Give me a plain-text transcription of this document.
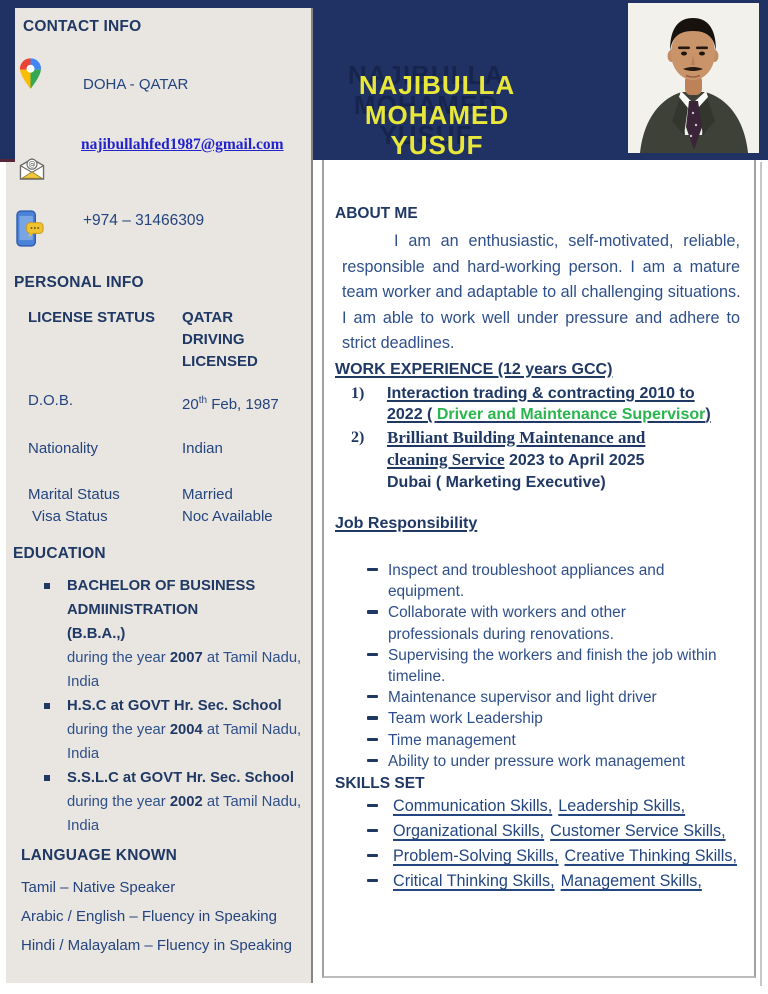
NAJIBULLA
MOHAMED YUSUF
CONTACT INFO
DOHA - QATAR
najibullahfed1987@gmail.com
@
+974 – 31466309
PERSONAL INFO
LICENSE STATUS	QATAR
DRIVING
LICENSED
D.O.B.	20th Feb, 1987
Nationality	Indian
Marital Status	Married
Visa Status	Noc Available
EDUCATION
BACHELOR OF BUSINESS
ADMIINISTRATION
(B.B.A.,)
during the year 2007 at Tamil Nadu, India
H.S.C at GOVT Hr. Sec. School
during the year 2004 at Tamil Nadu, India
S.S.L.C at GOVT Hr. Sec. School
during the year 2002 at Tamil Nadu, India
LANGUAGE KNOWN
Tamil – Native Speaker
Arabic / English – Fluency in Speaking
Hindi / Malayalam – Fluency in Speaking
ABOUT ME
I am an enthusiastic, self-motivated, reliable,
responsible and hard-working person. I am a mature
team worker and adaptable to all challenging situations.
I am able to work well under pressure and adhere to
strict deadlines.
WORK EXPERIENCE (12 years GCC)
1) Interaction trading & contracting 2010 to
2022 ( Driver and Maintenance Supervisor)
2) Brilliant Building Maintenance and
cleaning Service 2023 to April 2025
Dubai ( Marketing Executive)
Job Responsibility
Inspect and troubleshoot appliances and
equipment.
Collaborate with workers and other
professionals during renovations.
Supervising the workers and finish the job within
timeline.
Maintenance supervisor and light driver
Team work Leadership
Time management
Ability to under pressure work management
SKILLS SET
Communication Skills, Leadership Skills,
Organizational Skills, Customer Service Skills,
Problem-Solving Skills, Creative Thinking Skills,
Critical Thinking Skills, Management Skills,
